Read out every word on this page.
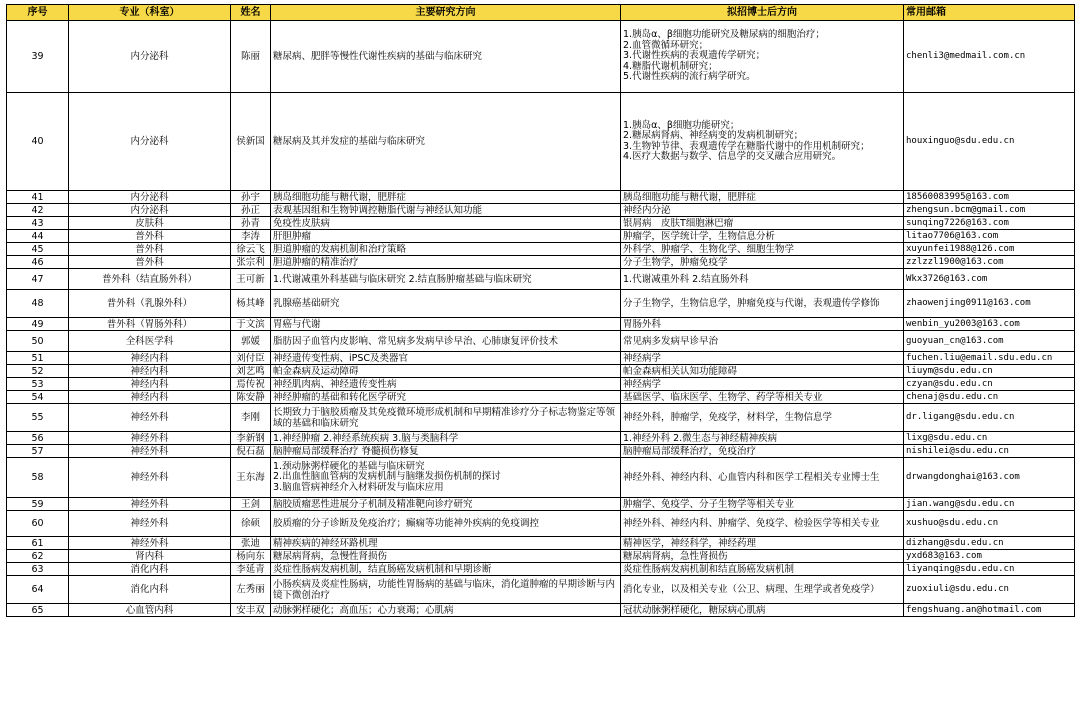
序号	专业（科室）	姓名	主要研究方向	拟招博士后方向	常用邮箱
39	内分泌科	陈丽	糖尿病、肥胖等慢性代谢性疾病的基础与临床研究	1.胰岛α、β细胞功能研究及糖尿病的细胞治疗；
2.血管微循环研究；
3.代谢性疾病的表观遗传学研究；
4.糖脂代谢机制研究；
5.代谢性疾病的流行病学研究。	chenli3@medmail.com.cn
40	内分泌科	侯新国	糖尿病及其并发症的基础与临床研究	1.胰岛α、β细胞功能研究；
2.糖尿病肾病、神经病变的发病机制研究；
3.生物钟节律、表观遗传学在糖脂代谢中的作用机制研究；
4.医疗大数据与数学、信息学的交叉融合应用研究。	houxinguo@sdu.edu.cn
41	内分泌科	孙宇	胰岛细胞功能与糖代谢，肥胖症	胰岛细胞功能与糖代谢，肥胖症	18560083995@163.com
42	内分泌科	孙正	表观基因组和生物钟调控糖脂代谢与神经认知功能	神经内分泌	zhengsun.bcm@gmail.com
43	皮肤科	孙青	免疫性皮肤病	银屑病　皮肤T细胞淋巴瘤	sunqing7226@163.com
44	普外科	李涛	肝胆肿瘤	肿瘤学，医学统计学，生物信息分析	litao7706@163.com
45	普外科	徐云飞	胆道肿瘤的发病机制和治疗策略	外科学、肿瘤学、生物化学、细胞生物学	xuyunfei1988@126.com
46	普外科	张宗利	胆道肿瘤的精准治疗	分子生物学，肿瘤免疫学	zzlzzl1900@163.com
47	普外科（结直肠外科）	王可新	1.代谢减重外科基础与临床研究 2.结直肠肿瘤基础与临床研究	1.代谢减重外科 2.结直肠外科	Wkx3726@163.com
48	普外科（乳腺外科）	杨其峰	乳腺癌基础研究	分子生物学，生物信息学，肿瘤免疫与代谢，表观遗传学修饰	zhaowenjing0911@163.com
49	普外科（胃肠外科）	于文滨	胃癌与代谢	胃肠外科	wenbin_yu2003@163.com
50	全科医学科	郭媛	脂肪因子血管内皮影响、常见病多发病早诊早治、心肺康复评价技术	常见病多发病早诊早治	guoyuan_cn@163.com
51	神经内科	刘付臣	神经遗传变性病、iPSC及类器官	神经病学	fuchen.liu@email.sdu.edu.cn
52	神经内科	刘艺鸣	帕金森病及运动障碍	帕金森病相关认知功能障碍	liuym@sdu.edu.cn
53	神经内科	焉传祝	神经肌肉病、神经遗传变性病	神经病学	czyan@sdu.edu.cn
54	神经内科	陈安静	神经肿瘤的基础和转化医学研究	基础医学、临床医学、生物学、药学等相关专业	chenaj@sdu.edu.cn
55	神经外科	李刚	长期致力于脑胶质瘤及其免疫微环境形成机制和早期精准诊疗分子标志物鉴定等领域的基础和临床研究	神经外科，肿瘤学，免疫学，材料学，生物信息学	dr.ligang@sdu.edu.cn
56	神经外科	李新钢	1.神经肿瘤 2.神经系统疾病 3.脑与类脑科学	1.神经外科 2.微生态与神经精神疾病	lixg@sdu.edu.cn
57	神经外科	倪石磊	脑肿瘤局部缓释治疗 脊髓损伤修复	脑肿瘤局部缓释治疗，免疫治疗	nishilei@sdu.edu.cn
58	神经外科	王东海	1.颈动脉粥样硬化的基础与临床研究
2.出血性脑血管病的发病机制与脑继发损伤机制的探讨
3.脑血管病神经介入材料研发与临床应用	神经外科、神经内科、心血管内科和医学工程相关专业博士生	drwangdonghai@163.com
59	神经外科	王剑	脑胶质瘤恶性进展分子机制及精准靶向诊疗研究	肿瘤学、免疫学、分子生物学等相关专业	jian.wang@sdu.edu.cn
60	神经外科	徐硕	胶质瘤的分子诊断及免疫治疗；癫痫等功能神外疾病的免疫调控	神经外科、神经内科、肿瘤学、免疫学、检验医学等相关专业	xushuo@sdu.edu.cn
61	神经外科	张迪	精神疾病的神经环路机理	精神医学，神经科学，神经药理	dizhang@sdu.edu.cn
62	肾内科	杨向东	糖尿病肾病，急慢性肾损伤	糖尿病肾病，急性肾损伤	yxd683@163.com
63	消化内科	李延青	炎症性肠病发病机制，结直肠癌发病机制和早期诊断	炎症性肠病发病机制和结直肠癌发病机制	liyanqing@sdu.edu.cn
64	消化内科	左秀丽	小肠疾病及炎症性肠病，功能性胃肠病的基础与临床，消化道肿瘤的早期诊断与内镜下微创治疗	消化专业，以及相关专业（公卫、病理、生理学或者免疫学）	zuoxiuli@sdu.edu.cn
65	心血管内科	安丰双	动脉粥样硬化；高血压；心力衰竭；心肌病	冠状动脉粥样硬化，糖尿病心肌病	fengshuang.an@hotmail.com
